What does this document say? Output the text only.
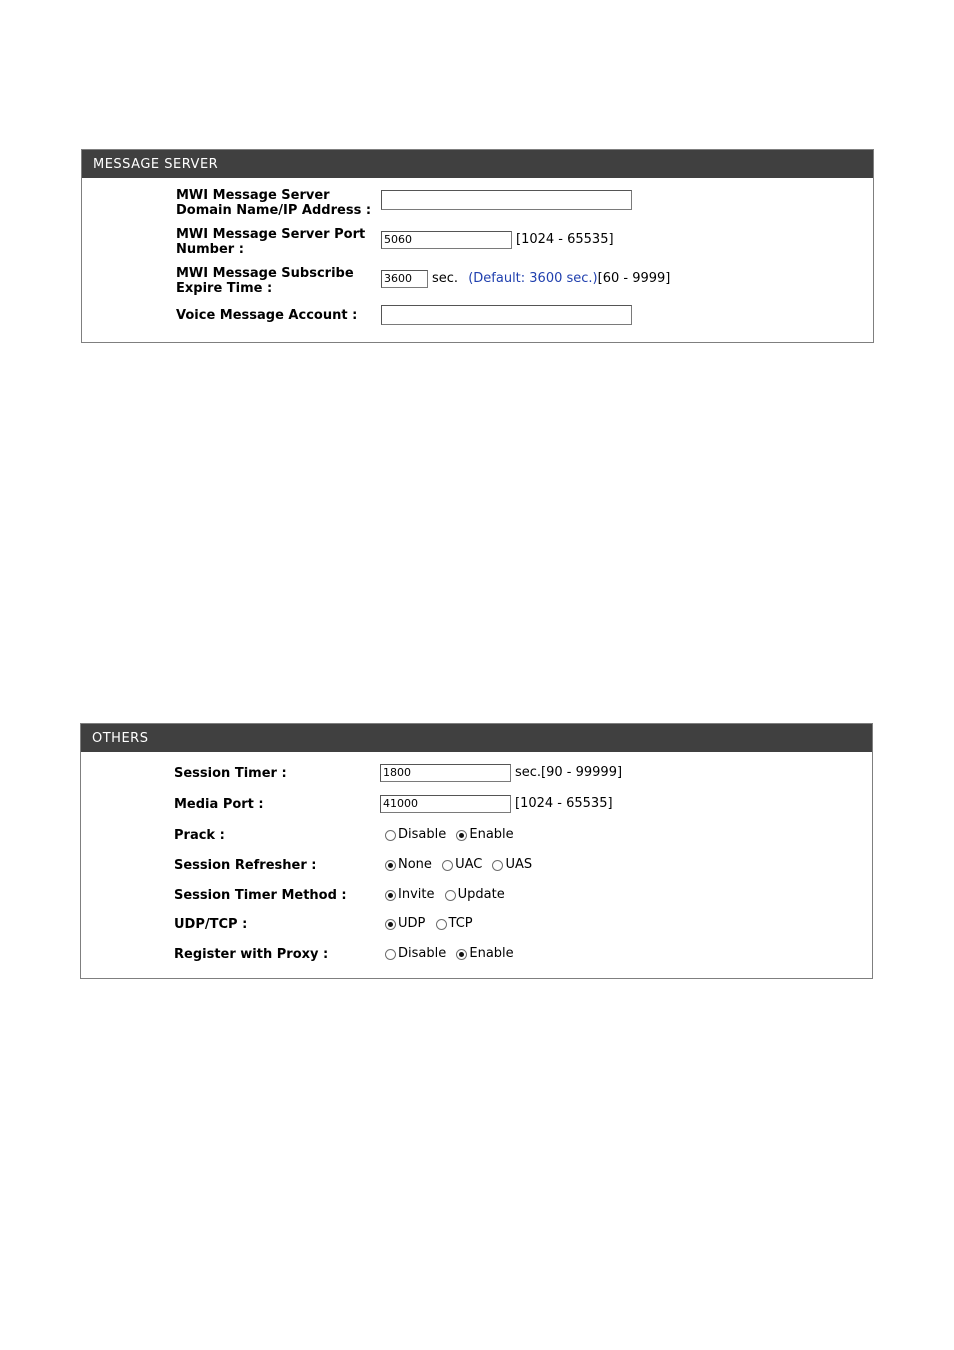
MESSAGE SERVER
MWI Message Server Domain Name/IP Address :
MWI Message Server Port Number :
5060	[1024 - 65535]
MWI Message Subscribe Expire Time :
3600 sec. (Default: 3600 sec.)[60 - 9999]
Voice Message Account :
OTHERS
Session Timer :	1800	sec.[90 - 99999]
Media Port :	41000	[1024 - 65535]
Prack :	Disable Enable
Session Refresher :	None UAC UAS
Session Timer Method :	Invite Update
UDP/TCP :	UDP TCP
Register with Proxy :	Disable Enable
